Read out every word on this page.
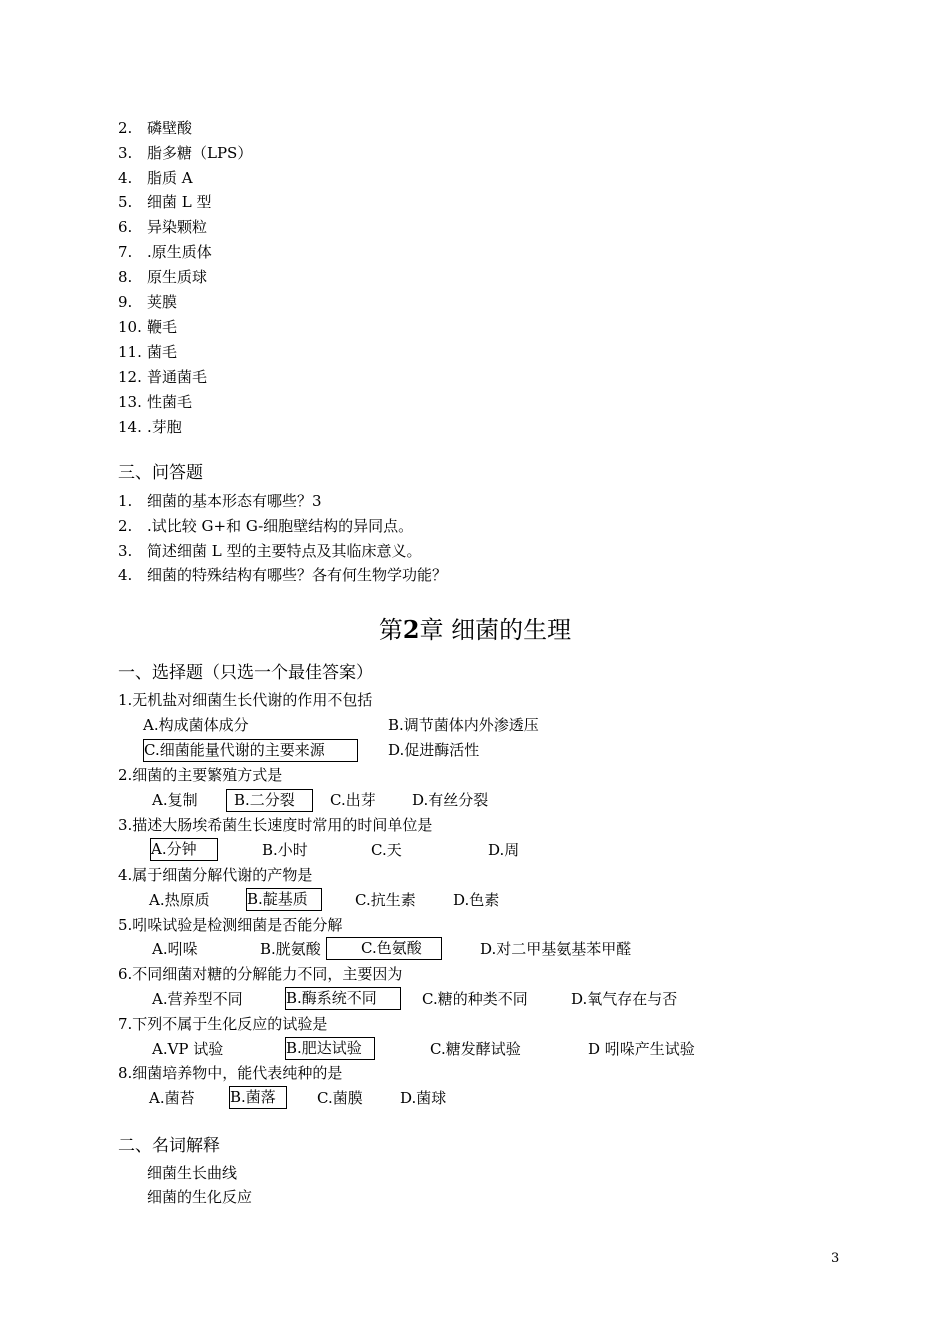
2. 磷壁酸
3. 脂多糖（LPS）
4. 脂质 A
5. 细菌 L 型
6. 异染颗粒
7. .原生质体
8. 原生质球
9. 荚膜
10. 鞭毛
11. 菌毛
12. 普通菌毛
13. 性菌毛
14. .芽胞
三、问答题
1. 细菌的基本形态有哪些？3
2. .试比较 G+和 G-细胞壁结构的异同点。
3. 简述细菌 L 型的主要特点及其临床意义。
4. 细菌的特殊结构有哪些？各有何生物学功能？
第2章 细菌的生理
一、选择题（只选一个最佳答案）
1.无机盐对细菌生长代谢的作用不包括
A.构成菌体成分	B.调节菌体内外渗透压
C.细菌能量代谢的主要来源	D.促进酶活性
2.细菌的主要繁殖方式是
A.复制	B.二分裂	C.出芽 D.有丝分裂
3.描述大肠埃希菌生长速度时常用的时间单位是
A.分钟	B.小时	C.天	D.周
4.属于细菌分解代谢的产物是
A.热原质 B.靛基质	C.抗生素 D.色素
5.吲哚试验是检测细菌是否能分解
A.吲哚	B.胱氨酸	C.色氨酸	D.对二甲基氨基苯甲醛
6.不同细菌对糖的分解能力不同，主要因为
A.营养型不同	B.酶系统不同	C.糖的种类不同	D.氧气存在与否
7.下列不属于生化反应的试验是
A.VP 试验	B.肥达试验	C.糖发酵试验	D 吲哚产生试验
8.细菌培养物中，能代表纯种的是
A.菌苔 B.菌落	C.菌膜 D.菌球
二、名词解释
细菌生长曲线
细菌的生化反应
3
